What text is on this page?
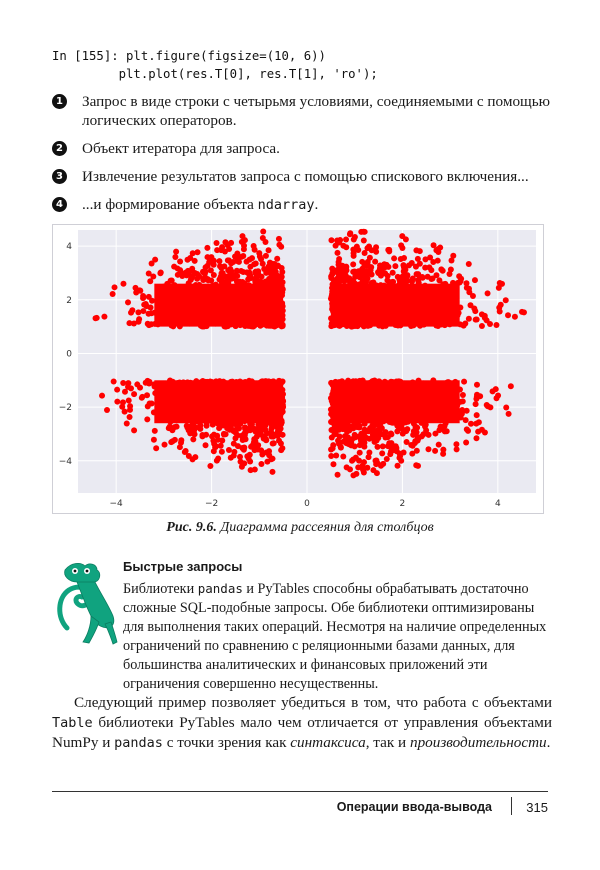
In [155]: plt.figure(figsize=(10, 6))
plt.plot(res.T[0], res.T[1], 'ro');
1 Запрос в виде строки с четырьмя условиями, соединяемыми с помощью логических операторов.
2 Объект итератора для запроса.
3 Извлечение результатов запроса с помощью спискового включения...
4 ...и формирование объекта ndarray.
−4	−2	0	2	4
−4
−2
0
2
4
Рис. 9.6. Диаграмма рассеяния для столбцов
Быстрые запросы
Библиотеки pandas и PyTables способны обрабатывать достаточно сложные SQL-подобные запросы. Обе библиотеки оптимизированы для выполнения таких операций. Несмотря на наличие определенных ограничений по сравнению с реляционными базами данных, для большинства аналитических и финансовых приложений эти ограничения совершенно несущественны.
Следующий пример позволяет убедиться в том, что работа с объектами Table библиотеки PyTables мало чем отличается от управления объектами NumPy и pandas с точки зрения как синтаксиса, так и производительности.
Операции ввода-вывода	315
